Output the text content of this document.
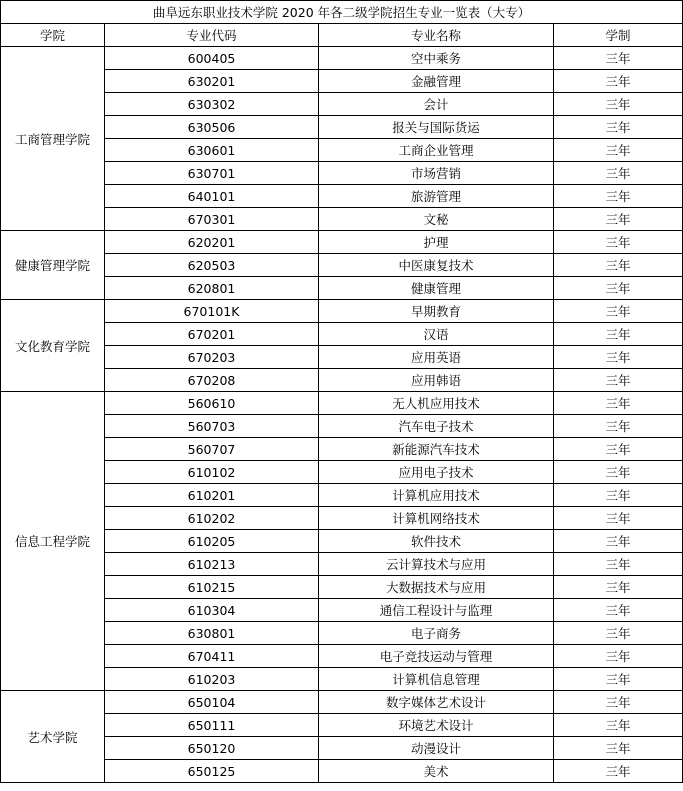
曲阜远东职业技术学院 2020 年各二级学院招生专业一览表（大专）			
学院	专业代码	专业名称	学制
工商管理学院	600405	空中乘务	三年
	630201	金融管理	三年
	630302	会计	三年
	630506	报关与国际货运	三年
	630601	工商企业管理	三年
	630701	市场营销	三年
	640101	旅游管理	三年
	670301	文秘	三年
健康管理学院	620201	护理	三年
	620503	中医康复技术	三年
	620801	健康管理	三年
文化教育学院	670101K	早期教育	三年
	670201	汉语	三年
	670203	应用英语	三年
	670208	应用韩语	三年
信息工程学院	560610	无人机应用技术	三年
	560703	汽车电子技术	三年
	560707	新能源汽车技术	三年
	610102	应用电子技术	三年
	610201	计算机应用技术	三年
	610202	计算机网络技术	三年
	610205	软件技术	三年
	610213	云计算技术与应用	三年
	610215	大数据技术与应用	三年
	610304	通信工程设计与监理	三年
	630801	电子商务	三年
	670411	电子竞技运动与管理	三年
	610203	计算机信息管理	三年
艺术学院	650104	数字媒体艺术设计	三年
	650111	环境艺术设计	三年
	650120	动漫设计	三年
	650125	美术	三年
